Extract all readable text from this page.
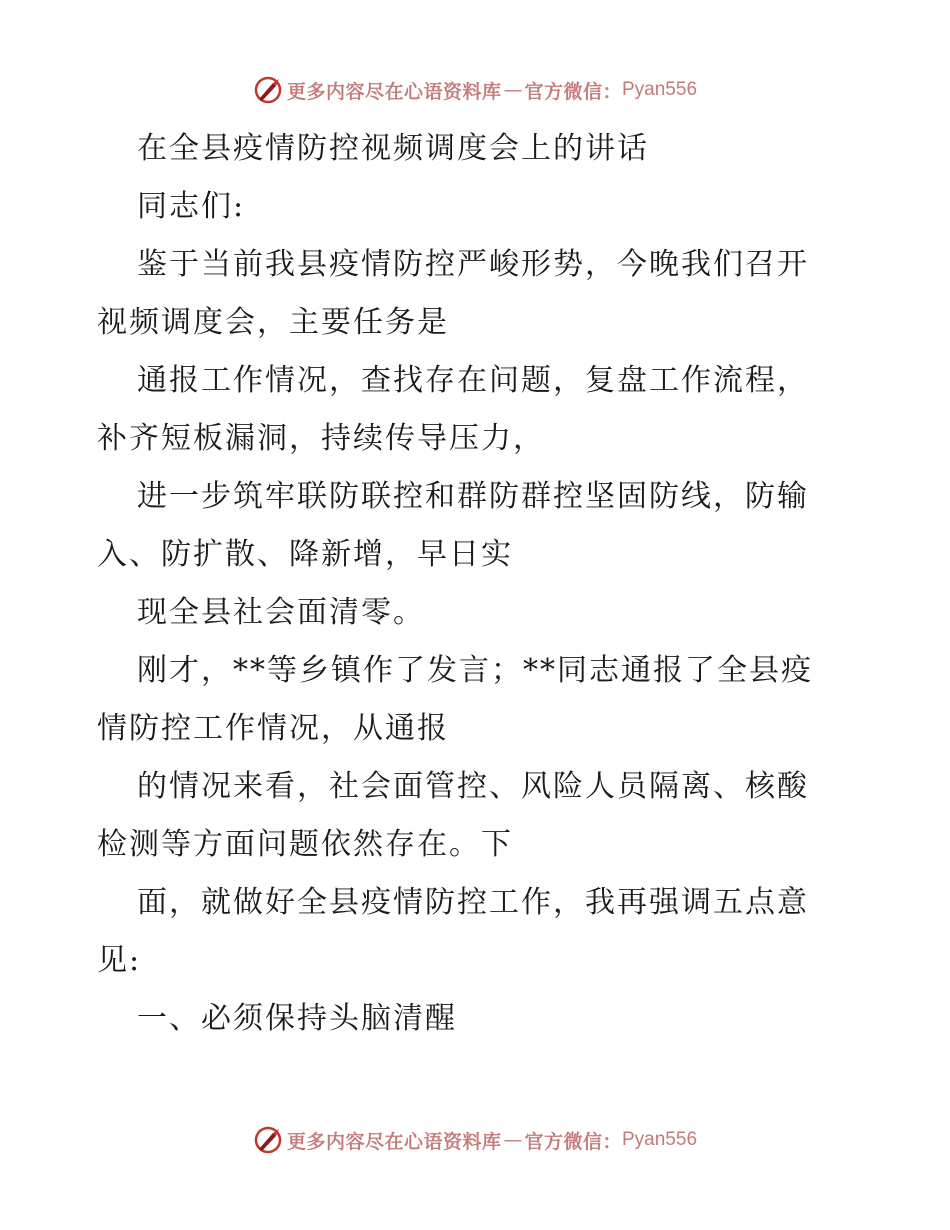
更多内容尽在心语资料库 — 官方微信： Pyan556
在全县疫情防控视频调度会上的讲话
同志们:
鉴于当前我县疫情防控严峻形势，今晚我们召开
视频调度会，主要任务是
通报工作情况，查找存在问题，复盘工作流程，
补齐短板漏洞，持续传导压力，
进一步筑牢联防联控和群防群控坚固防线，防输
入、防扩散、降新增，早日实
现全县社会面清零。
刚才，**等乡镇作了发言；**同志通报了全县疫
情防控工作情况，从通报
的情况来看，社会面管控、风险人员隔离、核酸
检测等方面问题依然存在。下
面，就做好全县疫情防控工作，我再强调五点意
见:
一、必须保持头脑清醒
更多内容尽在心语资料库 — 官方微信： Pyan556
